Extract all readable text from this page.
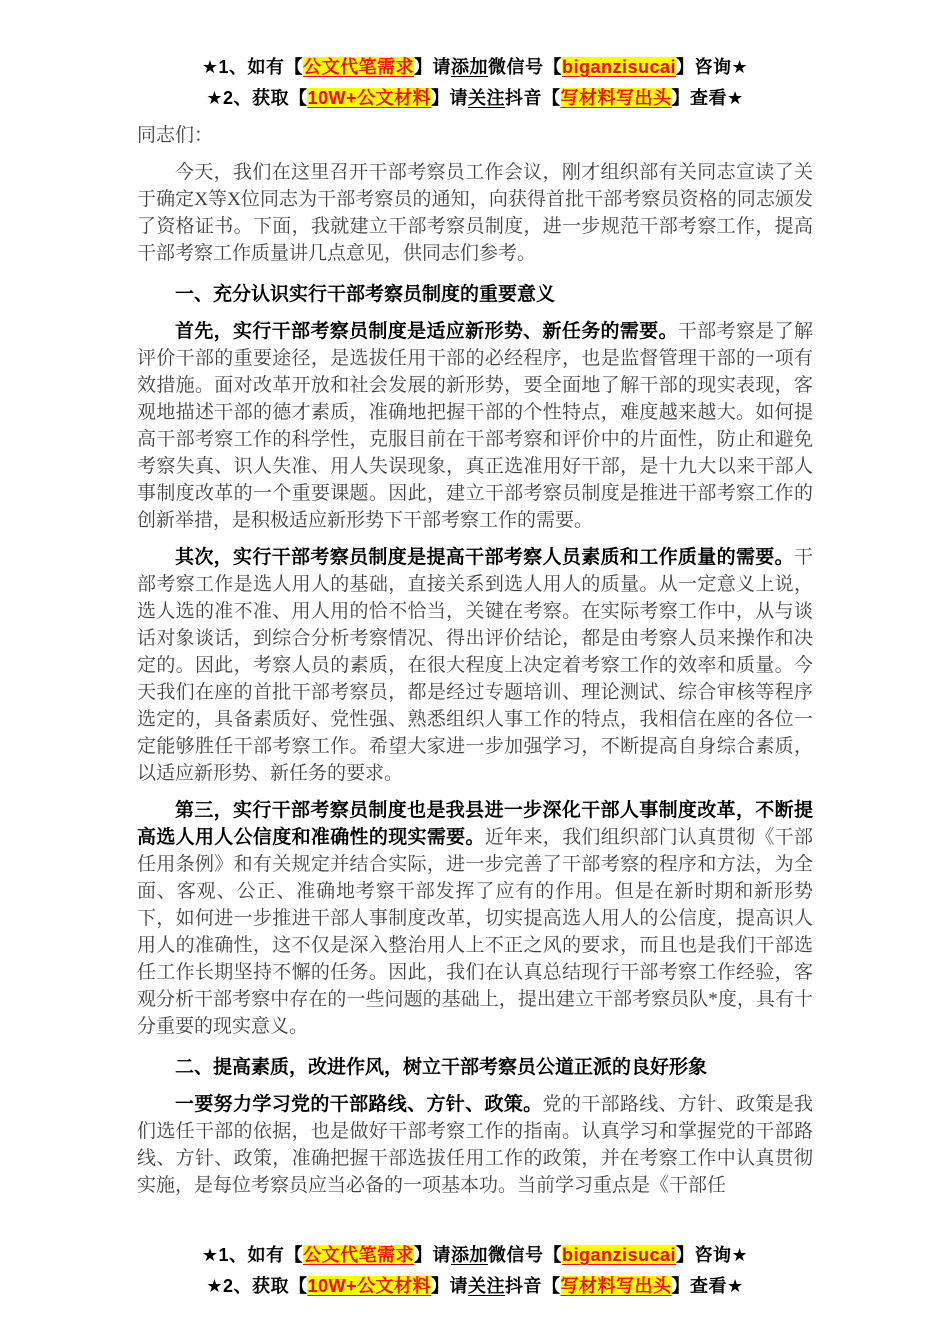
★1、如有【公文代笔需求】请添加微信号【biganzisucai】咨询★
★2、获取【10W+公文材料】请关注抖音【写材料写出头】查看★

同志们：

今天，我们在这里召开干部考察员工作会议，刚才组织部有关同志宣读了关于确定X等X位同志为干部考察员的通知，向获得首批干部考察员资格的同志颁发了资格证书。下面，我就建立干部考察员制度，进一步规范干部考察工作，提高干部考察工作质量讲几点意见，供同志们参考。

一、充分认识实行干部考察员制度的重要意义

首先，实行干部考察员制度是适应新形势、新任务的需要。干部考察是了解评价干部的重要途径，是选拔任用干部的必经程序，也是监督管理干部的一项有效措施。面对改革开放和社会发展的新形势，要全面地了解干部的现实表现，客观地描述干部的德才素质，准确地把握干部的个性特点，难度越来越大。如何提高干部考察工作的科学性，克服目前在干部考察和评价中的片面性，防止和避免考察失真、识人失准、用人失误现象，真正选准用好干部，是十九大以来干部人事制度改革的一个重要课题。因此，建立干部考察员制度是推进干部考察工作的创新举措，是积极适应新形势下干部考察工作的需要。

其次，实行干部考察员制度是提高干部考察人员素质和工作质量的需要。干部考察工作是选人用人的基础，直接关系到选人用人的质量。从一定意义上说，选人选的准不准、用人用的恰不恰当，关键在考察。在实际考察工作中，从与谈话对象谈话，到综合分析考察情况、得出评价结论，都是由考察人员来操作和决定的。因此，考察人员的素质，在很大程度上决定着考察工作的效率和质量。今天我们在座的首批干部考察员，都是经过专题培训、理论测试、综合审核等程序选定的，具备素质好、党性强、熟悉组织人事工作的特点，我相信在座的各位一定能够胜任干部考察工作。希望大家进一步加强学习，不断提高自身综合素质，以适应新形势、新任务的要求。

第三，实行干部考察员制度也是我县进一步深化干部人事制度改革，不断提高选人用人公信度和准确性的现实需要。近年来，我们组织部门认真贯彻《干部任用条例》和有关规定并结合实际，进一步完善了干部考察的程序和方法，为全面、客观、公正、准确地考察干部发挥了应有的作用。但是在新时期和新形势下，如何进一步推进干部人事制度改革，切实提高选人用人的公信度，提高识人用人的准确性，这不仅是深入整治用人上不正之风的要求，而且也是我们干部选任工作长期坚持不懈的任务。因此，我们在认真总结现行干部考察工作经验，客观分析干部考察中存在的一些问题的基础上，提出建立干部考察员队*度，具有十分重要的现实意义。

二、提高素质，改进作风，树立干部考察员公道正派的良好形象

一要努力学习党的干部路线、方针、政策。党的干部路线、方针、政策是我们选任干部的依据，也是做好干部考察工作的指南。认真学习和掌握党的干部路线、方针、政策，准确把握干部选拔任用工作的政策，并在考察工作中认真贯彻实施，是每位考察员应当必备的一项基本功。当前学习重点是《干部任

★1、如有【公文代笔需求】请添加微信号【biganzisucai】咨询★
★2、获取【10W+公文材料】请关注抖音【写材料写出头】查看★
